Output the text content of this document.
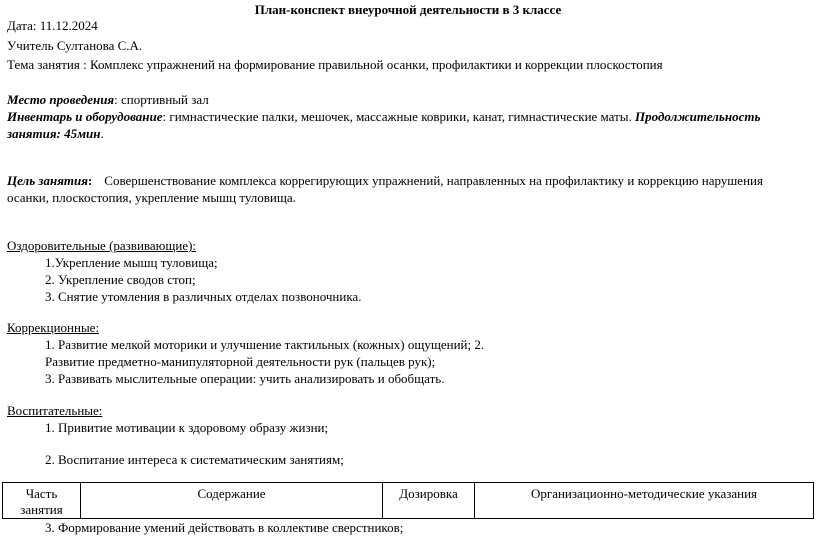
План-конспект внеурочной деятельности в 3 классе
Дата: 11.12.2024
Учитель Султанова С.А.
Тема занятия : Комплекс упражнений на формирование правильной осанки, профилактики и коррекции плоскостопия
Место проведения: спортивный зал
Инвентарь и оборудование: гимнастические палки, мешочек, массажные коврики, канат, гимнастические маты. Продолжительность
занятия: 45мин.
Цель занятия: Совершенствование комплекса коррегирующих упражнений, направленных на профилактику и коррекцию нарушения
осанки, плоскостопия, укрепление мышц туловища.
Оздоровительные (развивающие):
1.Укрепление мышц туловища;
2. Укрепление сводов стоп;
3. Снятие утомления в различных отделах позвоночника.
Коррекционные:
1. Развитие мелкой моторики и улучшение тактильных (кожных) ощущений; 2.
Развитие предметно-манипуляторной деятельности рук (пальцев рук);
3. Развивать мыслительные операции: учить анализировать и обобщать.
Воспитательные:
1. Привитие мотивации к здоровому образу жизни;
2. Воспитание интереса к систематическим занятиям;
Часть занятия	Содержание	Дозировка	Организационно-методические указания
3. Формирование умений действовать в коллективе сверстников;
